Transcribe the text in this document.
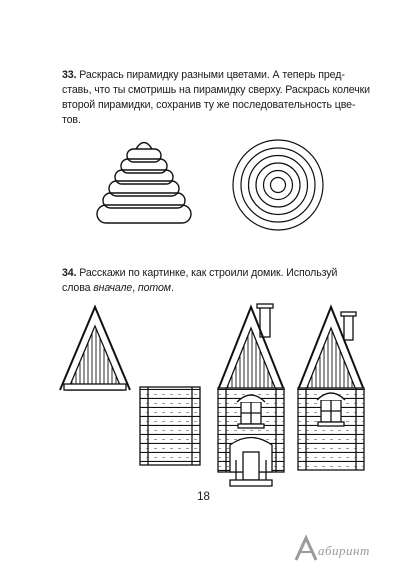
33. Раскрась пирамидку разными цветами. А теперь пред-

ставь, что ты смотришь на пирамидку сверху. Раскрась колечки

второй пирамидки, сохранив ту же последовательность цве-

тов.

34. Расскажи по картинке, как строили домик. Используй

слова вначале, потом.

18
абиринт
